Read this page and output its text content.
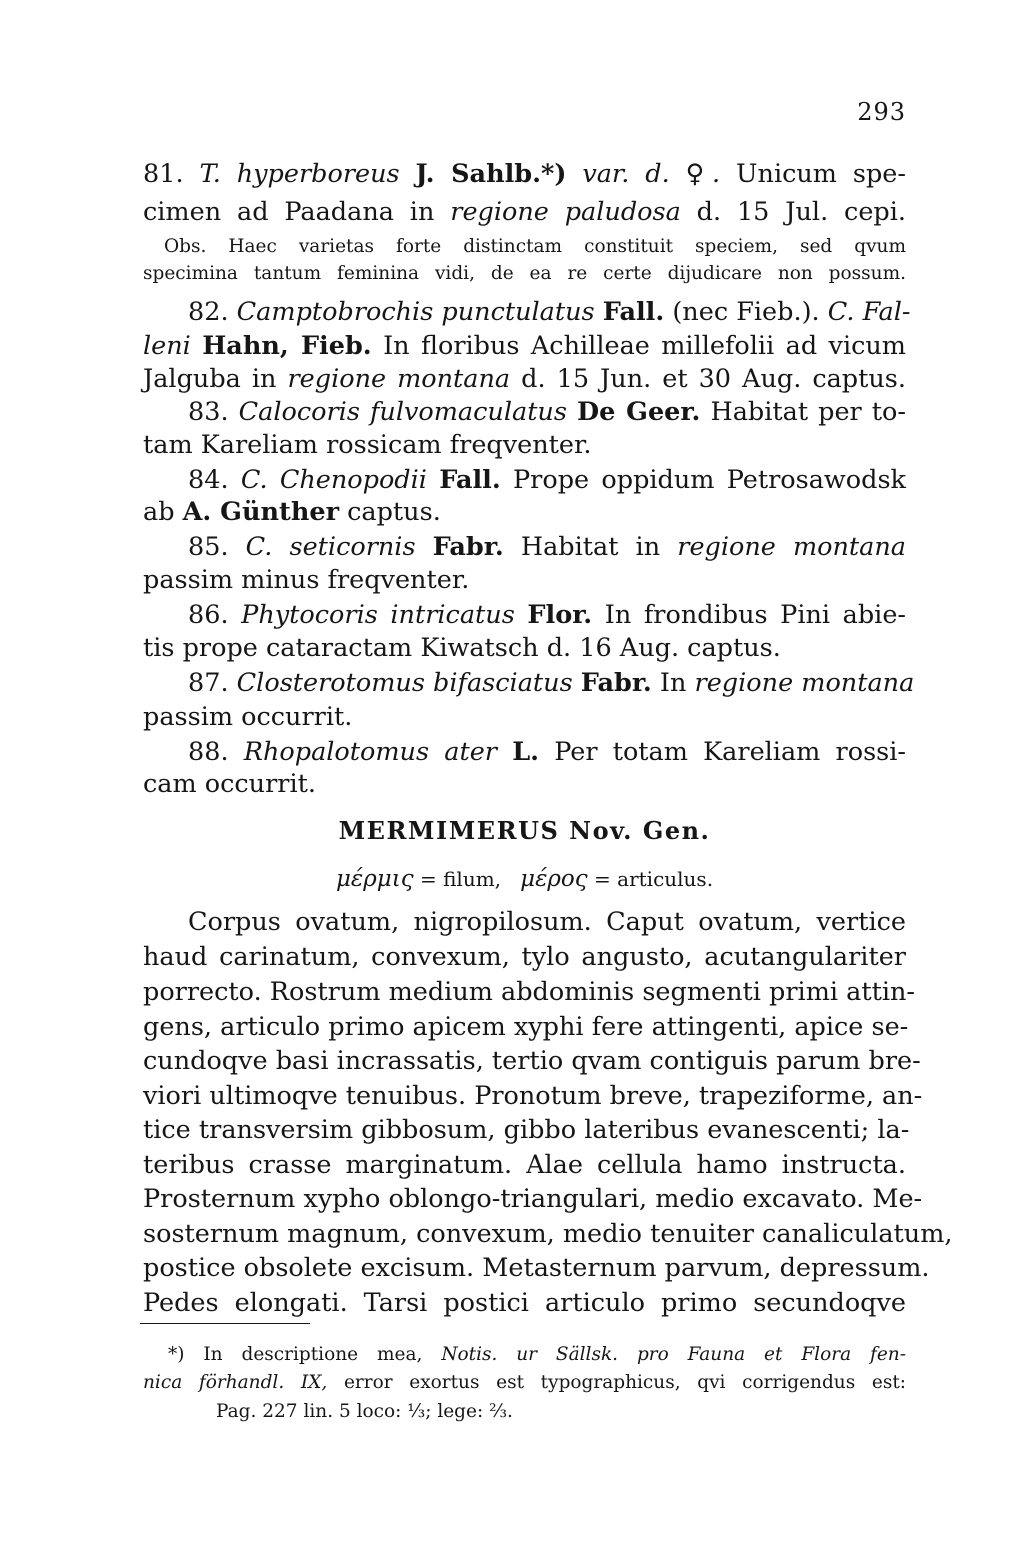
293
81. T. hyperboreus J. Sahlb.*) var. d. ♀. Unicum spe-
cimen ad Paadana in regione paludosa d. 15 Jul. cepi.
Obs. Haec varietas forte distinctam constituit speciem, sed qvum
specimina tantum feminina vidi, de ea re certe dijudicare non possum.
82. Camptobrochis punctulatus Fall. (nec Fieb.). C. Fal-
leni Hahn, Fieb. In floribus Achilleae millefolii ad vicum
Jalguba in regione montana d. 15 Jun. et 30 Aug. captus.
83. Calocoris fulvomaculatus De Geer. Habitat per to-
tam Kareliam rossicam freqventer.
84. C. Chenopodii Fall. Prope oppidum Petrosawodsk
ab A. Günther captus.
85. C. seticornis Fabr. Habitat in regione montana
passim minus freqventer.
86. Phytocoris intricatus Flor. In frondibus Pini abie-
tis prope cataractam Kiwatsch d. 16 Aug. captus.
87. Closterotomus bifasciatus Fabr. In regione montana
passim occurrit.
88. Rhopalotomus ater L. Per totam Kareliam rossi-
cam occurrit.
MERMIMERUS Nov. Gen.
μέρμις = filum, μέρος = articulus.
Corpus ovatum, nigropilosum. Caput ovatum, vertice
haud carinatum, convexum, tylo angusto, acutangulariter
porrecto. Rostrum medium abdominis segmenti primi attin-
gens, articulo primo apicem xyphi fere attingenti, apice se-
cundoqve basi incrassatis, tertio qvam contiguis parum bre-
viori ultimoqve tenuibus. Pronotum breve, trapeziforme, an-
tice transversim gibbosum, gibbo lateribus evanescenti; la-
teribus crasse marginatum. Alae cellula hamo instructa.
Prosternum xypho oblongo-triangulari, medio excavato. Me-
sosternum magnum, convexum, medio tenuiter canaliculatum,
postice obsolete excisum. Metasternum parvum, depressum.
Pedes elongati. Tarsi postici articulo primo secundoqve
*) In descriptione mea, Notis. ur Sällsk. pro Fauna et Flora fen-
nica förhandl. IX, error exortus est typographicus, qvi corrigendus est:
Pag. 227 lin. 5 loco: ⅓; lege: ⅔.
